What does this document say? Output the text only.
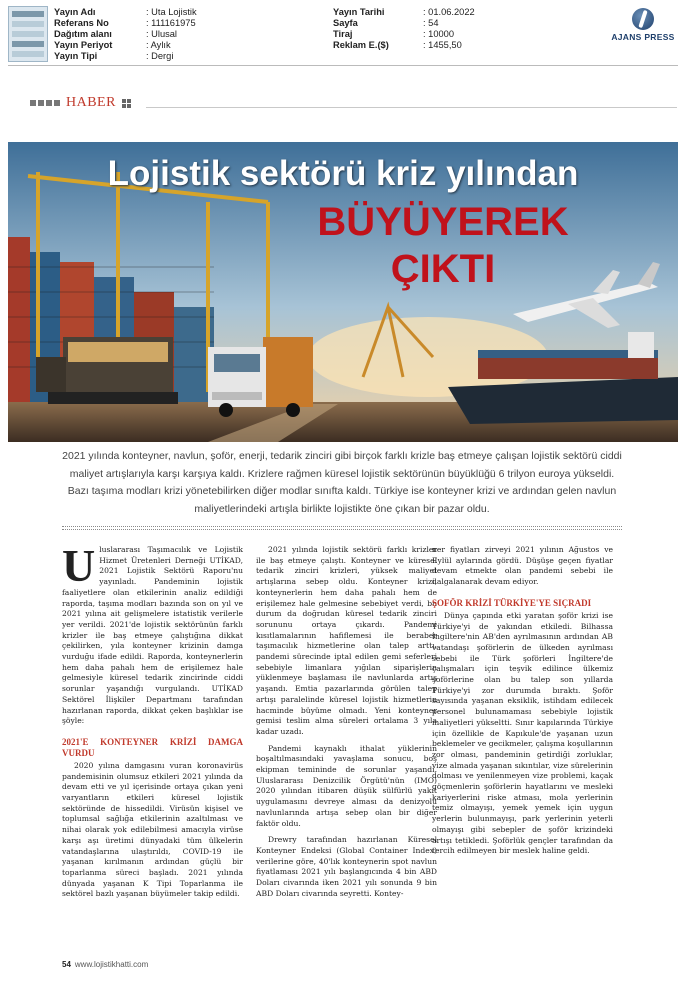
Yayın Adı	: Uta Lojistik
Referans No	: 111161975
Dağıtım alanı	: Ulusal
Yayın Periyot	: Aylık
Yayın Tipi	: Dergi
Yayın Tarihi	: 01.06.2022
Sayfa	: 54
Tiraj	: 10000
Reklam E.($)	: 1455,50
AJANS PRESS
HABER
Lojistik sektörü kriz yılından
BÜYÜYEREK
ÇIKTI
2021 yılında konteyner, navlun, şoför, enerji, tedarik zinciri gibi birçok farklı krizle baş etmeye çalışan lojistik sektörü ciddi maliyet artışlarıyla karşı karşıya kaldı. Krizlere rağmen küresel lojistik sektörünün büyüklüğü 6 trilyon euroya yükseldi. Bazı taşıma modları krizi yönetebilirken diğer modlar sınıfta kaldı. Türkiye ise konteyner krizi ve ardından gelen navlun maliyetlerindeki artışla birlikte lojistikte öne çıkan bir pazar oldu.
U luslararası Taşımacılık ve Lojistik Hizmet Üretenleri Derneği UTİKAD, 2021 Lojistik Sektörü Raporu'nu yayınladı. Pandeminin lojistik faaliyetlere olan etkilerinin analiz edildiği raporda, taşıma modları bazında son on yıl ve 2021 yılına ait gelişmelere istatistik verilerle yer verildi. 2021'de lojistik sektörünün farklı krizler ile baş etmeye çalıştığına dikkat çekilirken, yıla konteyner krizinin damga vurduğu ifade edildi. Raporda, konteynerlerin hem daha pahalı hem de erişilemez hale gelmesiyle küresel tedarik zincirinde ciddi sorunlar yaşandığı vurgulandı. UTİKAD Sektörel İlişkiler Departmanı tarafından hazırlanan raporda, dikkat çeken başlıklar ise şöyle:

2021'E KONTEYNER KRİZİ DAMGA VURDU

2020 yılına damgasını vuran koronavirüs pandemisinin olumsuz etkileri 2021 yılında da devam etti ve yıl içerisinde ortaya çıkan yeni varyantların etkileri küresel lojistik sektöründe de hissedildi. Virüsün kişisel ve toplumsal sağlığa etkilerinin azaltılması ve nihai olarak yok edilebilmesi amacıyla virüse karşı aşı üretimi dünyadaki tüm ülkelerin vatandaşlarına ulaştırıldı, COVID-19 ile yaşanan kırılmanın ardından güçlü bir toparlanma süreci başladı. 2021 yılında dünyada yaşanan K Tipi Toparlanma ile sektörel bazlı yaşanan büyümeler takip edildi.

2021 yılında lojistik sektörü farklı krizler ile baş etmeye çalıştı. Konteyner ve küresel tedarik zinciri krizleri, yüksek maliyet artışlarına sebep oldu. Konteyner krizi, konteynerlerin hem daha pahalı hem de erişilemez hale gelmesine sebebiyet verdi, bu durum da doğrudan küresel tedarik zinciri sorununu ortaya çıkardı. Pandemi kısıtlamalarının hafiflemesi ile beraber taşımacılık hizmetlerine olan talep arttı, pandemi sürecinde iptal edilen gemi seferleri sebebiyle limanlara yığılan siparişlerin yüklenmeye başlaması ile navlunlarda artış yaşandı. Emtia pazarlarında görülen talep artışı paralelinde küresel lojistik hizmetlerin hacminde büyüme olmadı. Yeni konteyner gemisi teslim alma süreleri ortalama 3 yıla kadar uzadı.

Pandemi kaynaklı ithalat yüklerinin boşaltılmasındaki yavaşlama sonucu, boş ekipman temininde de sorunlar yaşandı. Uluslararası Denizcilik Örgütü'nün (IMO) 2020 yılından itibaren düşük sülfürlü yakıt uygulamasını devreye alması da denizyolu navlunlarında artışa sebep olan bir diğer faktör oldu.

Drewry tarafından hazırlanan Küresel Konteyner Endeksi (Global Container Index) verilerine göre, 40'lık konteynerin spot navlun fiyatlaması 2021 yılı başlangıcında 4 bin ABD Doları civarında iken 2021 yılı sonunda 9 bin ABD Doları civarında seyretti. Kontey-

ner fiyatları zirveyi 2021 yılının Ağustos ve Eylül aylarında gördü. Düşüşe geçen fiyatlar devam etmekte olan pandemi sebebi ile dalgalanarak devam ediyor.

ŞOFÖR KRİZİ TÜRKİYE'YE SIÇRADI

Dünya çapında etki yaratan şoför krizi ise Türkiye'yi de yakından etkiledi. Bilhassa İngiltere'nin AB'den ayrılmasının ardından AB vatandaşı şoförlerin de ülkeden ayrılması sebebi ile Türk şoförleri İngiltere'de çalışmaları için teşvik edilince ülkemiz şoförlerine olan bu talep son yıllarda Türkiye'yi zor durumda bıraktı. Şoför sayısında yaşanan eksiklik, istihdam edilecek personel bulunamaması sebebiyle lojistik maliyetleri yükseltti. Sınır kapılarında Türkiye için özellikle de Kapıkule'de yaşanan uzun beklemeler ve gecikmeler, çalışma koşullarının zor olması, pandeminin getirdiği zorluklar, vize almada yaşanan sıkıntılar, vize sürelerinin dolması ve yenilenmeyen vize problemi, kaçak göçmenlerin şoförlerin hayatlarını ve mesleki kariyerlerini riske atması, mola yerlerinin temiz olmayışı, yemek yemek için uygun yerlerin bulunmayışı, park yerlerinin yeterli olmayışı gibi sebepler de şoför krizindeki artışı tetikledi. Şoförlük gençler tarafından da tercih edilmeyen bir meslek haline geldi.

54 www.lojistikhatti.com
